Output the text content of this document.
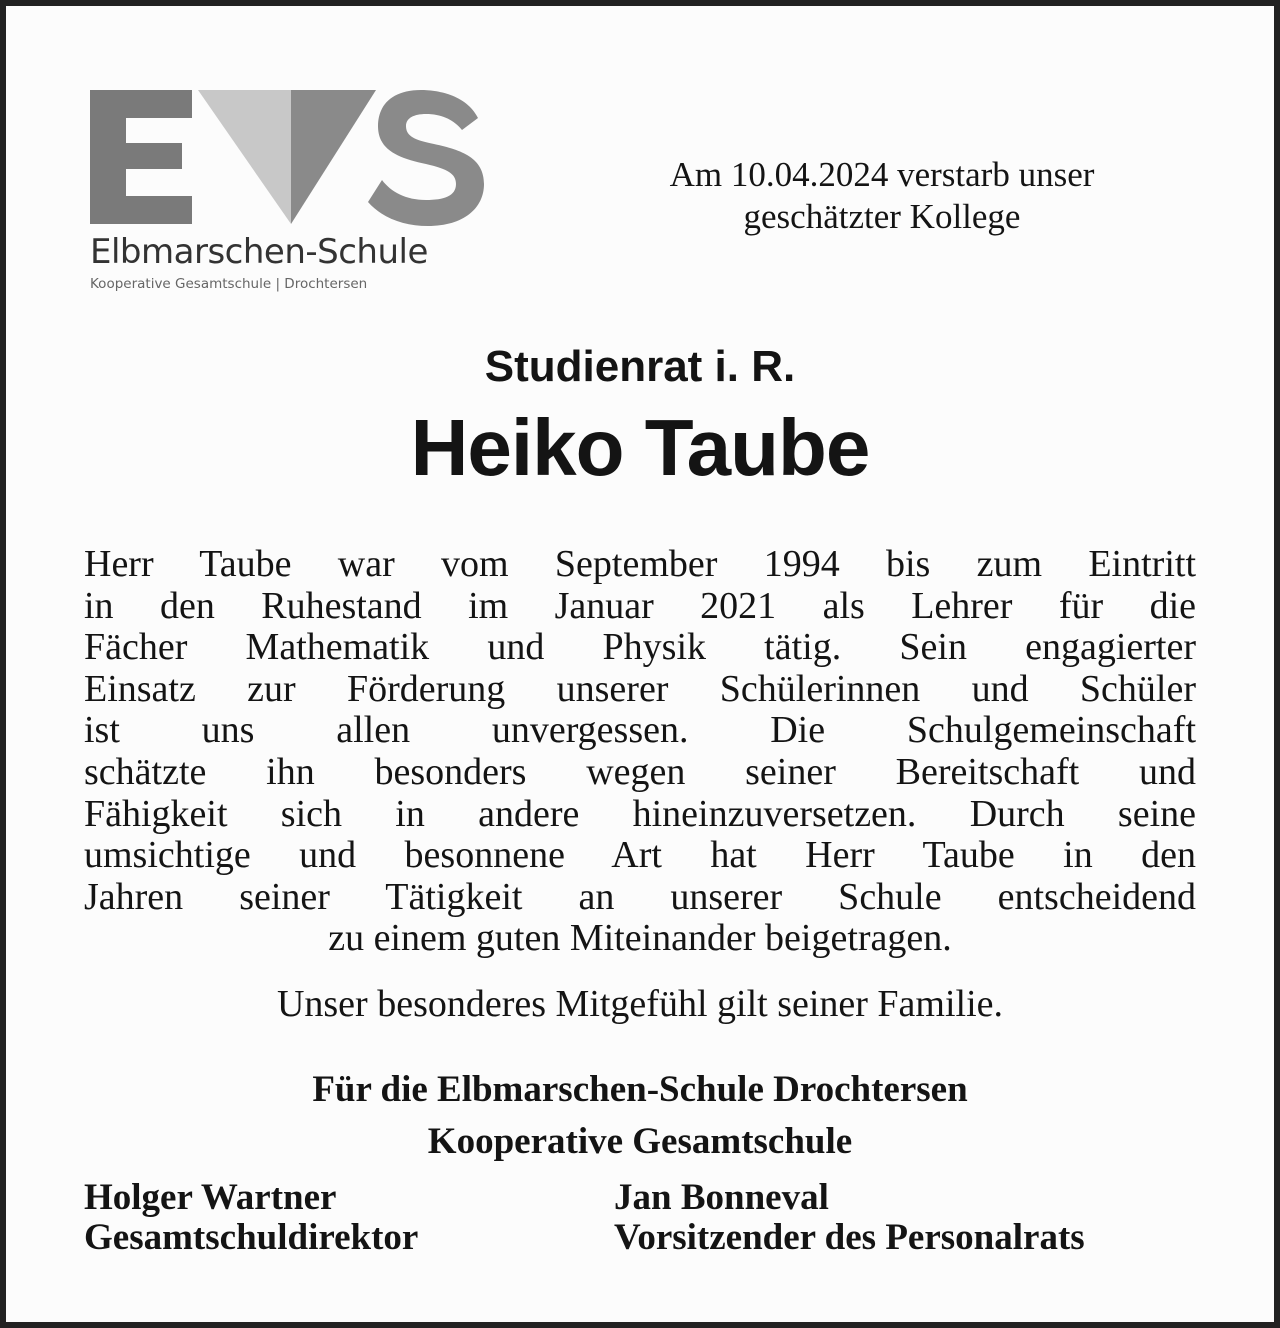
Elbmarschen-Schule
Kooperative Gesamtschule | Drochtersen
Am 10.04.2024 verstarb unser
geschätzter Kollege
Studienrat i. R.
Heiko Taube
Herr Taube war vom September 1994 bis zum Eintritt
in den Ruhestand im Januar 2021 als Lehrer für die
Fächer Mathematik und Physik tätig. Sein engagierter
Einsatz zur Förderung unserer Schülerinnen und Schüler
ist uns allen unvergessen. Die Schulgemeinschaft
schätzte ihn besonders wegen seiner Bereitschaft und
Fähigkeit sich in andere hineinzuversetzen. Durch seine
umsichtige und besonnene Art hat Herr Taube in den
Jahren seiner Tätigkeit an unserer Schule entscheidend
zu einem guten Miteinander beigetragen.
Unser besonderes Mitgefühl gilt seiner Familie.
Für die Elbmarschen-Schule Drochtersen
Kooperative Gesamtschule
Holger Wartner
Gesamtschuldirektor
Jan Bonneval
Vorsitzender des Personalrats
